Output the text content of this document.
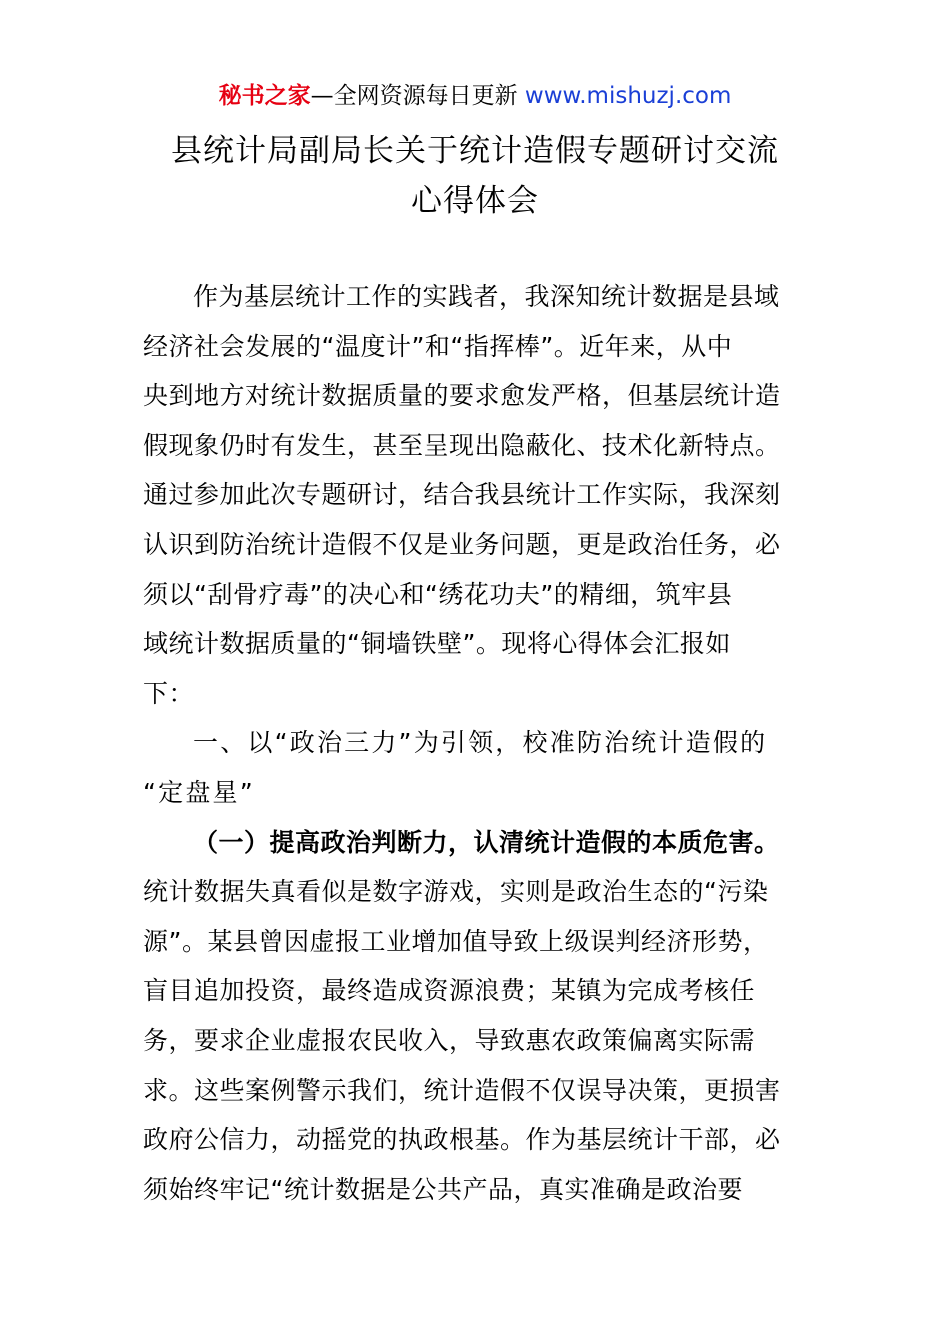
秘书之家—全网资源每日更新 www.mishuzj.com
县统计局副局长关于统计造假专题研讨交流
心得体会
作为基层统计工作的实践者，我深知统计数据是县域
经济社会发展的“温度计”和“指挥棒”。近年来，从中
央到地方对统计数据质量的要求愈发严格，但基层统计造
假现象仍时有发生，甚至呈现出隐蔽化、技术化新特点。
通过参加此次专题研讨，结合我县统计工作实际，我深刻
认识到防治统计造假不仅是业务问题，更是政治任务，必
须以“刮骨疗毒”的决心和“绣花功夫”的精细，筑牢县
域统计数据质量的“铜墙铁壁”。现将心得体会汇报如
下：
一、以“政治三力”为引领，校准防治统计造假的
“定盘星”
（一）提高政治判断力，认清统计造假的本质危害。
统计数据失真看似是数字游戏，实则是政治生态的“污染
源”。某县曾因虚报工业增加值导致上级误判经济形势，
盲目追加投资，最终造成资源浪费；某镇为完成考核任
务，要求企业虚报农民收入，导致惠农政策偏离实际需
求。这些案例警示我们，统计造假不仅误导决策，更损害
政府公信力，动摇党的执政根基。作为基层统计干部，必
须始终牢记“统计数据是公共产品，真实准确是政治要
